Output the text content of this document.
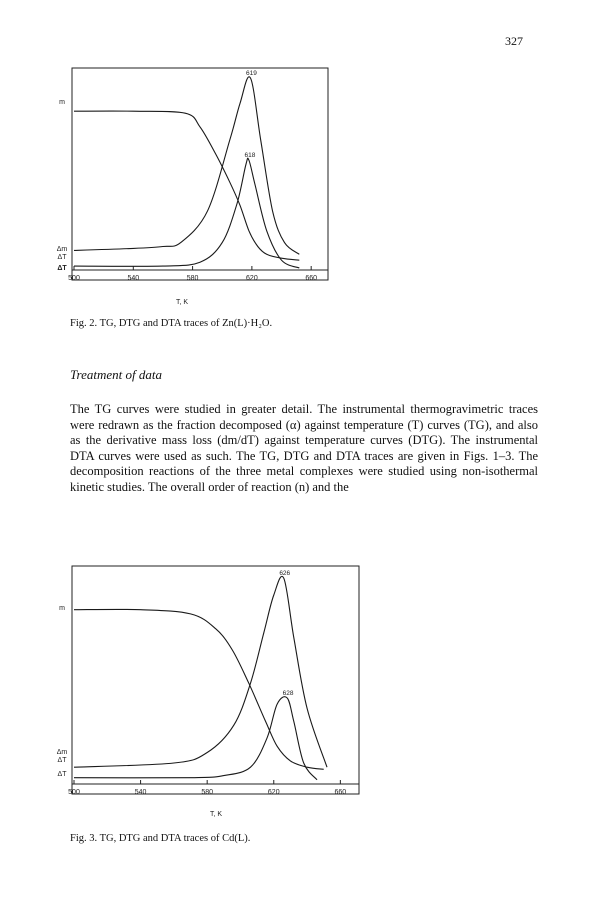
327
500	540	580	620	660
m
Δm
ΔT
ΔT
T, K
619
618
Fig. 2. TG, DTG and DTA traces of Zn(L)·H₂O.
Treatment of data

The TG curves were studied in greater detail. The instrumental thermogravimetric traces were redrawn as the fraction decomposed (α) against temperature (T) curves (TG), and also as the derivative mass loss (dm/dT) against temperature curves (DTG). The instrumental DTA curves were used as such. The TG, DTG and DTA traces are given in Figs. 1–3. The decomposition reactions of the three metal complexes were studied using non-isothermal kinetic studies. The overall order of reaction (n) and the

500	540	580	620	660
m
Δm
ΔT
ΔT
T, K
626
628
Fig. 3. TG, DTG and DTA traces of Cd(L).
